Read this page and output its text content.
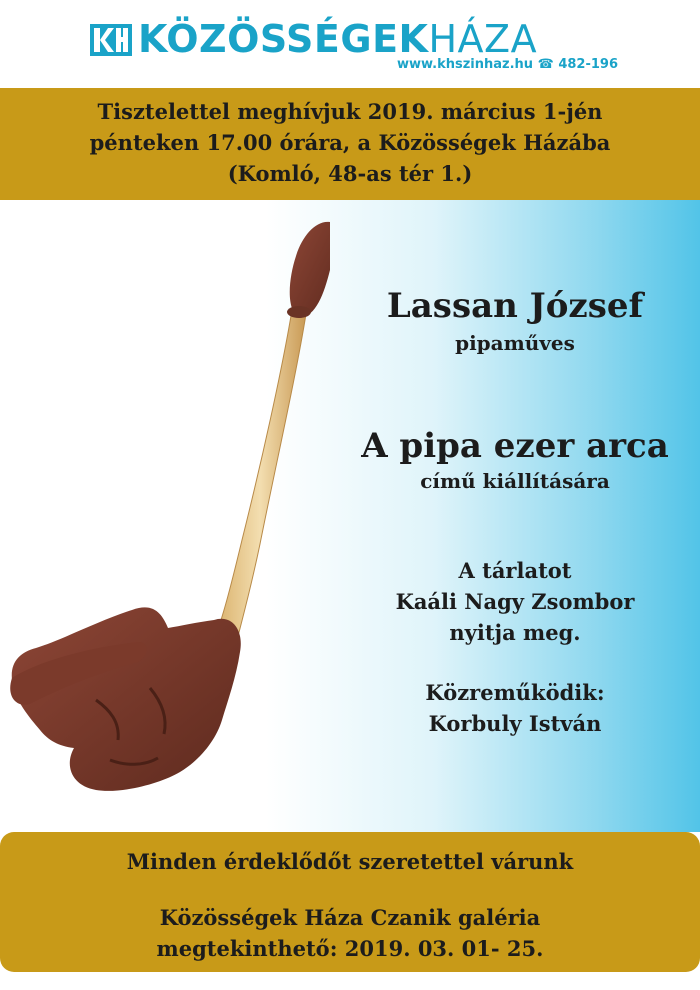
KÖZÖSSÉGEKHÁZA
www.khszinhaz.hu ☎ 482-196
Tisztelettel meghívjuk 2019. március 1-jén
pénteken 17.00 órára, a Közösségek Házába
(Komló, 48-as tér 1.)
Lassan József
pipaműves
A pipa ezer arca
című kiállítására
A tárlatot
Kaáli Nagy Zsombor
nyitja meg.
Közreműködik:
Korbuly István
Minden érdeklődőt szeretettel várunk
Közösségek Háza Czanik galéria
megtekinthető: 2019. 03. 01- 25.
